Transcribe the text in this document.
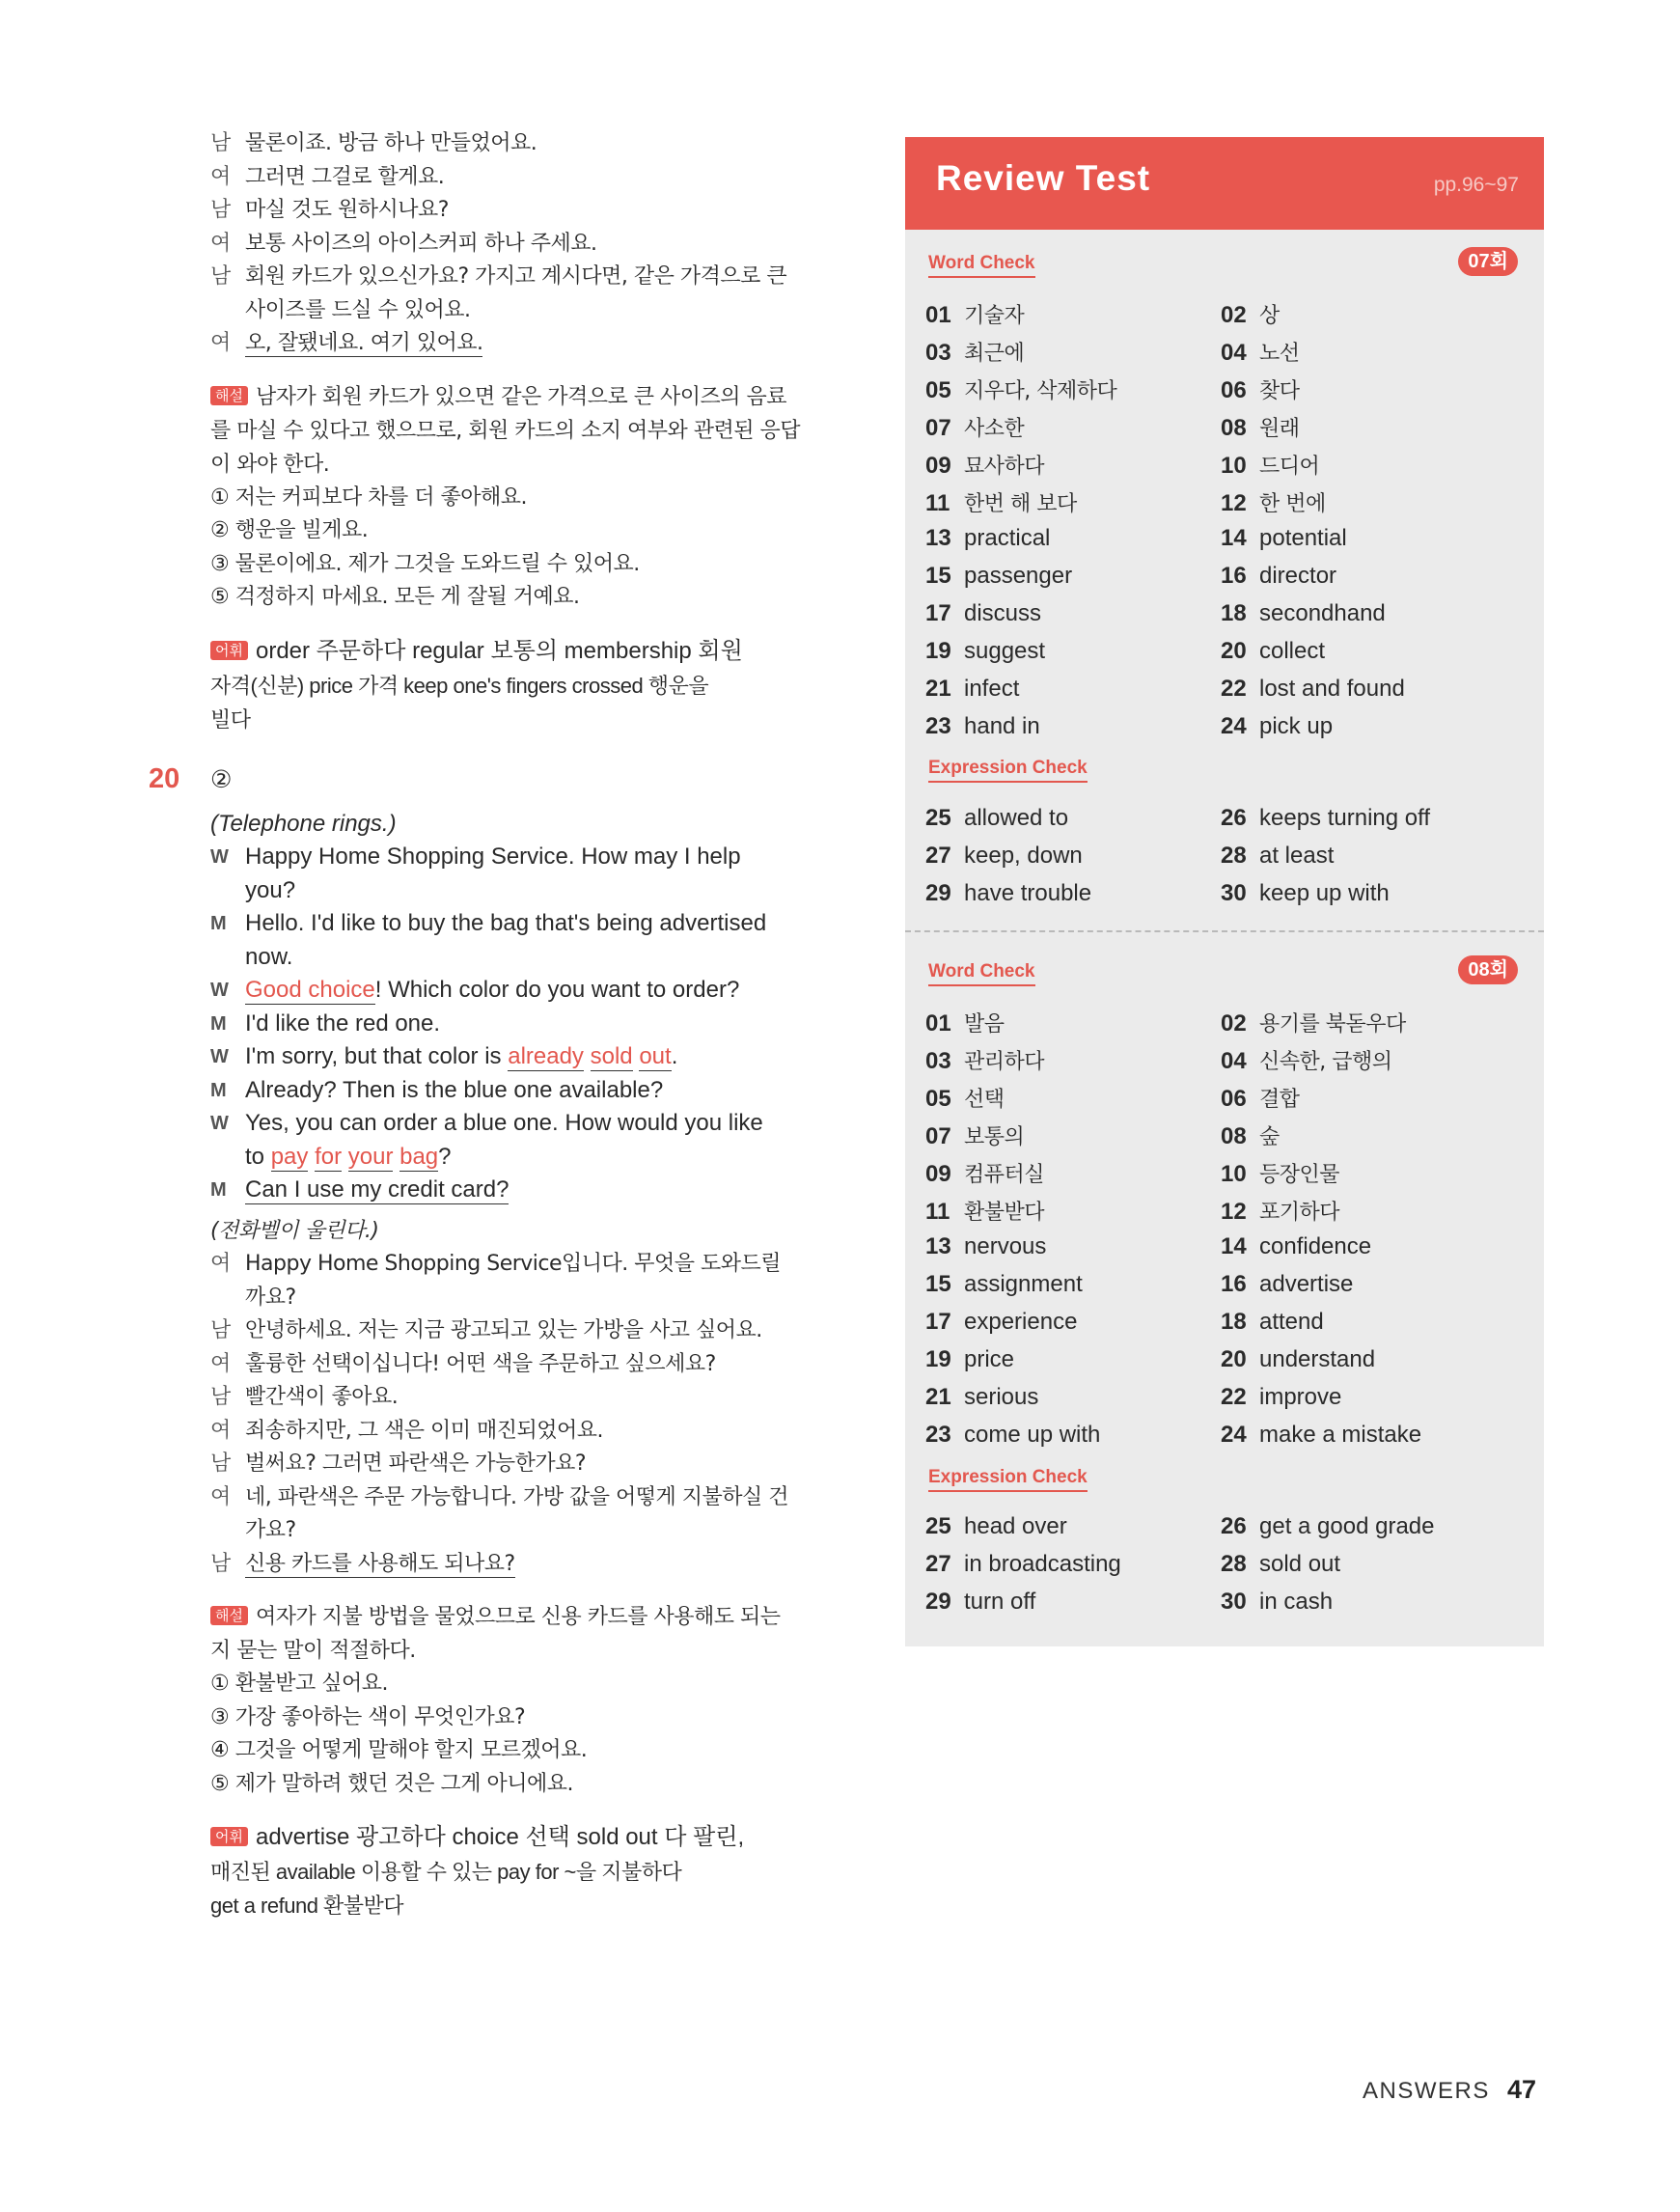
남 물론이죠. 방금 하나 만들었어요.
여 그러면 그걸로 할게요.
남 마실 것도 원하시나요?
여 보통 사이즈의 아이스커피 하나 주세요.
남 회원 카드가 있으신가요? 가지고 계시다면, 같은 가격으로 큰
사이즈를 드실 수 있어요.
여 오, 잘됐네요. 여기 있어요.
해설 남자가 회원 카드가 있으면 같은 가격으로 큰 사이즈의 음료
를 마실 수 있다고 했으므로, 회원 카드의 소지 여부와 관련된 응답
이 와야 한다.
① 저는 커피보다 차를 더 좋아해요.
② 행운을 빌게요.
③ 물론이에요. 제가 그것을 도와드릴 수 있어요.
⑤ 걱정하지 마세요. 모든 게 잘될 거예요.
어휘 order 주문하다 regular 보통의 membership 회원
자격(신분) price 가격 keep one's fingers crossed 행운을
빌다
20 ②
(Telephone rings.)
W Happy Home Shopping Service. How may I help
you?
M Hello. I'd like to buy the bag that's being advertised
now.
W Good choice! Which color do you want to order?
M I'd like the red one.
W I'm sorry, but that color is already sold out.
M Already? Then is the blue one available?
W Yes, you can order a blue one. How would you like
to pay for your bag?
M Can I use my credit card?
(전화벨이 울린다.)
여 Happy Home Shopping Service입니다. 무엇을 도와드릴
까요?
남 안녕하세요. 저는 지금 광고되고 있는 가방을 사고 싶어요.
여 훌륭한 선택이십니다! 어떤 색을 주문하고 싶으세요?
남 빨간색이 좋아요.
여 죄송하지만, 그 색은 이미 매진되었어요.
남 벌써요? 그러면 파란색은 가능한가요?
여 네, 파란색은 주문 가능합니다. 가방 값을 어떻게 지불하실 건
가요?
남 신용 카드를 사용해도 되나요?
해설 여자가 지불 방법을 물었으므로 신용 카드를 사용해도 되는
지 묻는 말이 적절하다.
① 환불받고 싶어요.
③ 가장 좋아하는 색이 무엇인가요?
④ 그것을 어떻게 말해야 할지 모르겠어요.
⑤ 제가 말하려 했던 것은 그게 아니에요.
어휘 advertise 광고하다 choice 선택 sold out 다 팔린,
매진된 available 이용할 수 있는 pay for ~을 지불하다
get a refund 환불받다
Review Test	pp.96~97
Word Check	07회
01 기술자	02 상
03 최근에	04 노선
05 지우다, 삭제하다	06 찾다
07 사소한	08 원래
09 묘사하다	10 드디어
11 한번 해 보다	12 한 번에
13 practical	14 potential
15 passenger	16 director
17 discuss	18 secondhand
19 suggest	20 collect
21 infect	22 lost and found
23 hand in	24 pick up
Expression Check
25 allowed to	26 keeps turning off
27 keep, down	28 at least
29 have trouble	30 keep up with
Word Check	08회
01 발음	02 용기를 북돋우다
03 관리하다	04 신속한, 급행의
05 선택	06 결합
07 보통의	08 숲
09 컴퓨터실	10 등장인물
11 환불받다	12 포기하다
13 nervous	14 confidence
15 assignment	16 advertise
17 experience	18 attend
19 price	20 understand
21 serious	22 improve
23 come up with	24 make a mistake
Expression Check
25 head over	26 get a good grade
27 in broadcasting	28 sold out
29 turn off	30 in cash
ANSWERS 47
